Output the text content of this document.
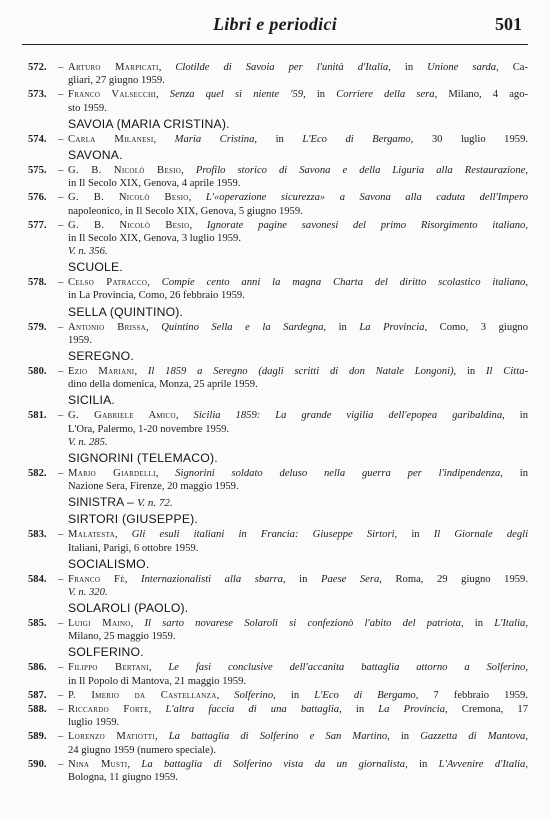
Libri e periodici	501
572. – Arturo Marpicati, Clotilde di Savoia per l'unità d'Italia, in Unione sarda, Ca-
gliari, 27 giugno 1959.
573. – Franco Valsecchi, Senza quel sì niente '59, in Corriere della sera, Milano, 4 ago-
sto 1959.
SAVOIA (MARIA CRISTINA).
574. – Carla Milanesi, Maria Cristina, in L'Eco di Bergamo, 30 luglio 1959.
SAVONA.
575. – G. B. Nicolò Besio, Profilo storico di Savona e della Liguria alla Restaurazione,
in Il Secolo XIX, Genova, 4 aprile 1959.
576. – G. B. Nicolò Besio, L'«operazione sicurezza» a Savona alla caduta dell'Impero
napoleonico, in Il Secolo XIX, Genova, 5 giugno 1959.
577. – G. B. Nicolò Besio, Ignorate pagine savonesi del primo Risorgimento italiano,
in Il Secolo XIX, Genova, 3 luglio 1959.
V. n. 356.
SCUOLE.
578. – Celso Patracco, Compie cento anni la magna Charta del diritto scolastico italiano,
in La Provincia, Como, 26 febbraio 1959.
SELLA (QUINTINO).
579. – Antonio Brissa, Quintino Sella e la Sardegna, in La Provincia, Como, 3 giugno
1959.
SEREGNO.
580. – Ezio Mariani, Il 1859 a Seregno (dagli scritti di don Natale Longoni), in Il Citta-
dino della domenica, Monza, 25 aprile 1959.
SICILIA.
581. – G. Gabriele Amico, Sicilia 1859: La grande vigilia dell'epopea garibaldina, in
L'Ora, Palermo, 1-20 novembre 1959.
V. n. 285.
SIGNORINI (TELEMACO).
582. – Mario Giardelli, Signorini soldato deluso nella guerra per l'indipendenza, in
Nazione Sera, Firenze, 20 maggio 1959.
SINISTRA – V. n. 72.
SIRTORI (GIUSEPPE).
583. – Malatesta, Gli esuli italiani in Francia: Giuseppe Sirtori, in Il Giornale degli
Italiani, Parigi, 6 ottobre 1959.
SOCIALISMO.
584. – Franco Fè, Internazionalisti alla sbarra, in Paese Sera, Roma, 29 giugno 1959.
V. n. 320.
SOLAROLI (PAOLO).
585. – Luigi Maino, Il sarto novarese Solaroli si confezionò l'abito del patriota, in L'Italia,
Milano, 25 maggio 1959.
SOLFERINO.
586. – Filippo Bertani, Le fasi conclusive dell'accanita battaglia attorno a Solferino,
in Il Popolo di Mantova, 21 maggio 1959.
587. – P. Imerio da Castellanza, Solferino, in L'Eco di Bergamo, 7 febbraio 1959.
588. – Riccardo Forte, L'altra faccia di una battaglia, in La Provincia, Cremona, 17
luglio 1959.
589. – Lorenzo Matiotti, La battaglia di Solferino e San Martino, in Gazzetta di Mantova,
24 giugno 1959 (numero speciale).
590. – Nina Musti, La battaglia di Solferino vista da un giornalista, in L'Avvenire d'Italia,
Bologna, 11 giugno 1959.
